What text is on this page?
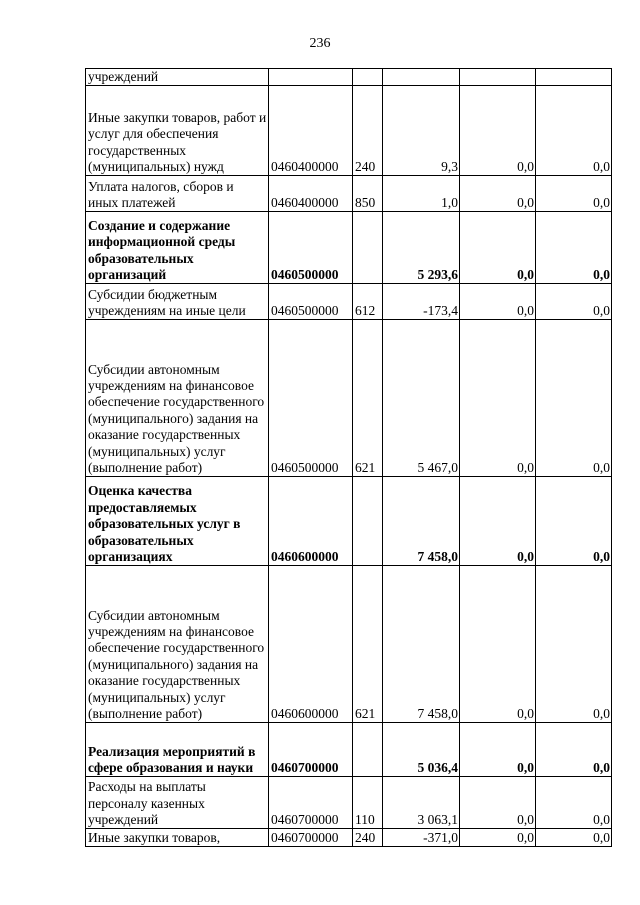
236
учреждений					
Иные закупки товаров, работ и услуг для обеспечения государственных (муниципальных) нужд	0460400000	240	9,3	0,0	0,0
Уплата налогов, сборов и иных платежей	0460400000	850	1,0	0,0	0,0
Создание и содержание информационной среды образовательных организаций	0460500000		5 293,6	0,0	0,0
Субсидии бюджетным учреждениям на иные цели	0460500000	612	-173,4	0,0	0,0
Субсидии автономным учреждениям на финансовое обеспечение государственного (муниципального) задания на оказание государственных (муниципальных) услуг (выполнение работ)	0460500000	621	5 467,0	0,0	0,0
Оценка качества предоставляемых образовательных услуг в образовательных организациях	0460600000		7 458,0	0,0	0,0
Субсидии автономным учреждениям на финансовое обеспечение государственного (муниципального) задания на оказание государственных (муниципальных) услуг (выполнение работ)	0460600000	621	7 458,0	0,0	0,0
Реализация мероприятий в сфере образования и науки	0460700000		5 036,4	0,0	0,0
Расходы на выплаты персоналу казенных учреждений	0460700000	110	3 063,1	0,0	0,0
Иные закупки товаров,	0460700000	240	-371,0	0,0	0,0
